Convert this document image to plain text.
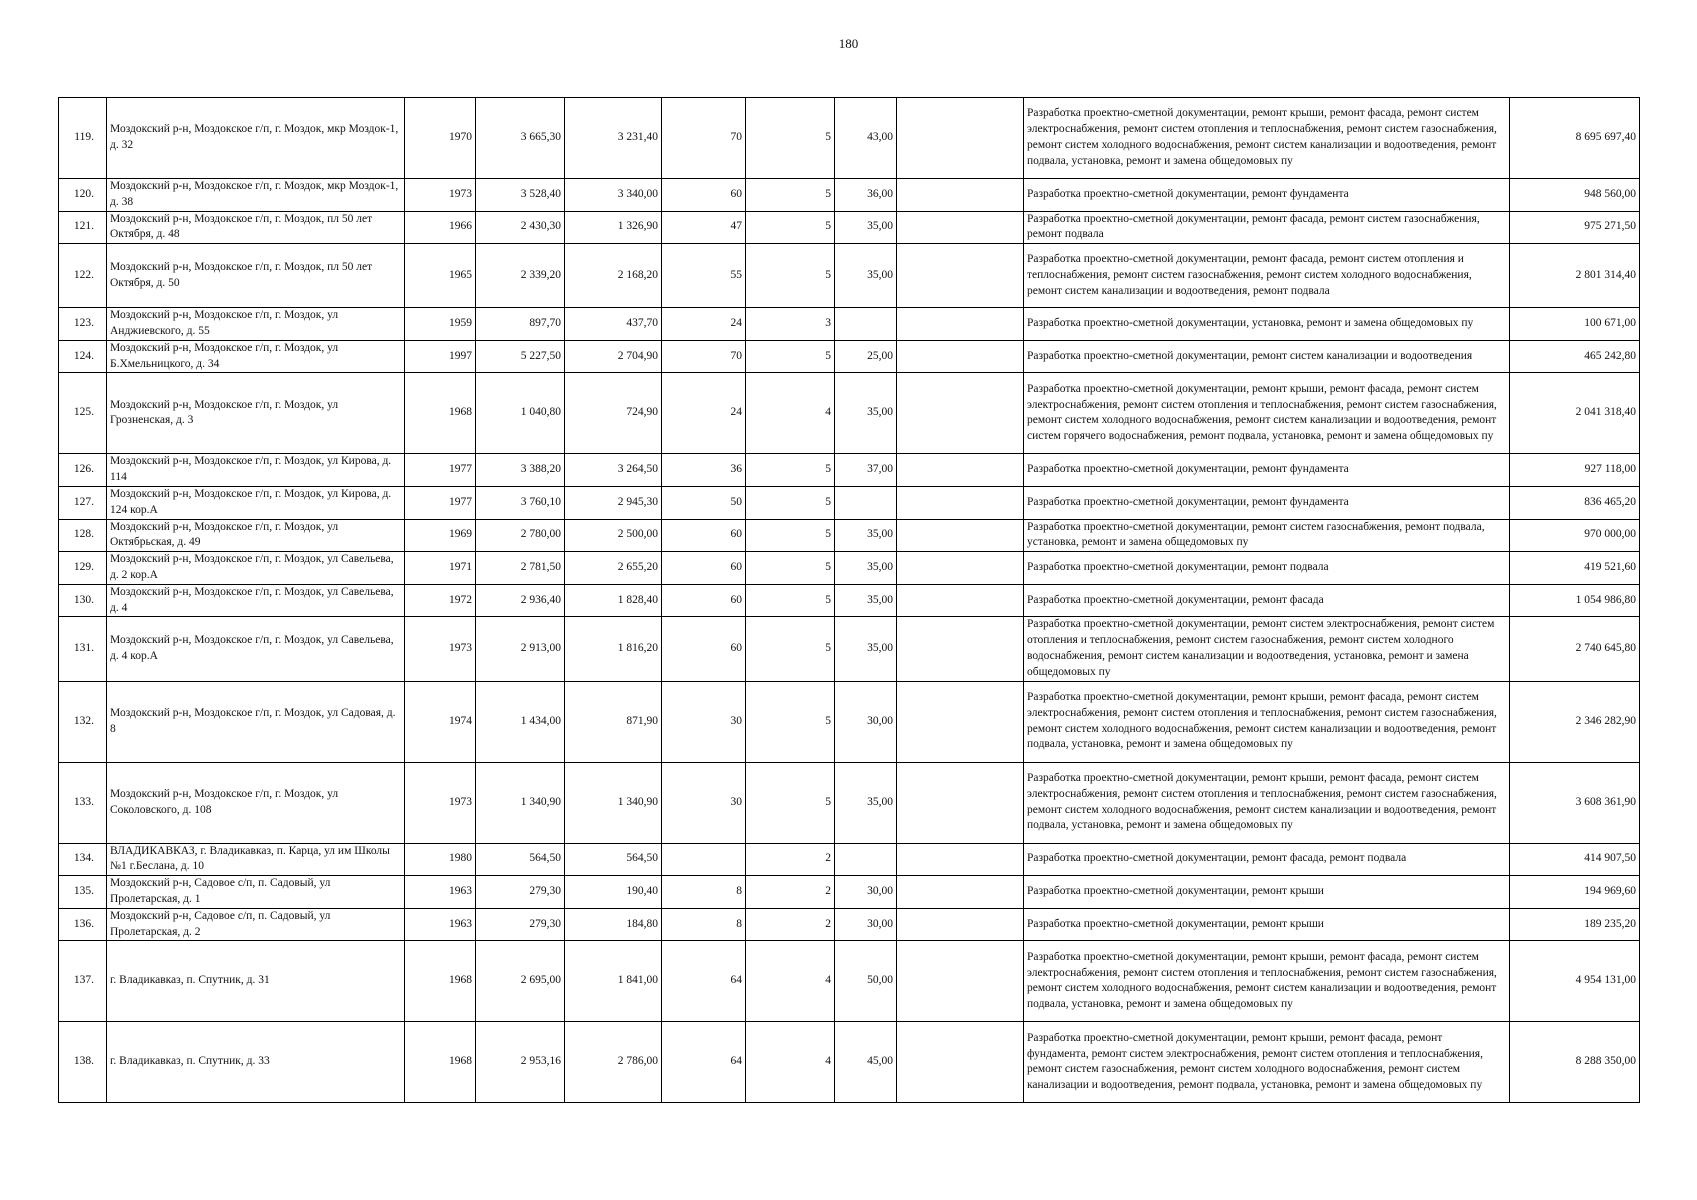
180
119.	Моздокский р-н, Моздокское г/п, г. Моздок, мкр Моздок-1, д. 32	1970	3 665,30	3 231,40	70	5	43,00		Разработка проектно-сметной документации, ремонт крыши, ремонт фасада, ремонт систем электроснабжения, ремонт систем отопления и теплоснабжения, ремонт систем газоснабжения, ремонт систем холодного водоснабжения, ремонт систем канализации и водоотведения, ремонт подвала, установка, ремонт и замена общедомовых пу	8 695 697,40
120.	Моздокский р-н, Моздокское г/п, г. Моздок, мкр Моздок-1, д. 38	1973	3 528,40	3 340,00	60	5	36,00		Разработка проектно-сметной документации, ремонт фундамента	948 560,00
121.	Моздокский р-н, Моздокское г/п, г. Моздок, пл 50 лет Октября, д. 48	1966	2 430,30	1 326,90	47	5	35,00		Разработка проектно-сметной документации, ремонт фасада, ремонт систем газоснабжения, ремонт подвала	975 271,50
122.	Моздокский р-н, Моздокское г/п, г. Моздок, пл 50 лет Октября, д. 50	1965	2 339,20	2 168,20	55	5	35,00		Разработка проектно-сметной документации, ремонт фасада, ремонт систем отопления и теплоснабжения, ремонт систем газоснабжения, ремонт систем холодного водоснабжения, ремонт систем канализации и водоотведения, ремонт подвала	2 801 314,40
123.	Моздокский р-н, Моздокское г/п, г. Моздок, ул Анджиевского, д. 55	1959	897,70	437,70	24	3			Разработка проектно-сметной документации, установка, ремонт и замена общедомовых пу	100 671,00
124.	Моздокский р-н, Моздокское г/п, г. Моздок, ул Б.Хмельницкого, д. 34	1997	5 227,50	2 704,90	70	5	25,00		Разработка проектно-сметной документации, ремонт систем канализации и водоотведения	465 242,80
125.	Моздокский р-н, Моздокское г/п, г. Моздок, ул Грозненская, д. 3	1968	1 040,80	724,90	24	4	35,00		Разработка проектно-сметной документации, ремонт крыши, ремонт фасада, ремонт систем электроснабжения, ремонт систем отопления и теплоснабжения, ремонт систем газоснабжения, ремонт систем холодного водоснабжения, ремонт систем канализации и водоотведения, ремонт систем горячего водоснабжения, ремонт подвала, установка, ремонт и замена общедомовых пу	2 041 318,40
126.	Моздокский р-н, Моздокское г/п, г. Моздок, ул Кирова, д. 114	1977	3 388,20	3 264,50	36	5	37,00		Разработка проектно-сметной документации, ремонт фундамента	927 118,00
127.	Моздокский р-н, Моздокское г/п, г. Моздок, ул Кирова, д. 124 кор.А	1977	3 760,10	2 945,30	50	5			Разработка проектно-сметной документации, ремонт фундамента	836 465,20
128.	Моздокский р-н, Моздокское г/п, г. Моздок, ул Октябрьская, д. 49	1969	2 780,00	2 500,00	60	5	35,00		Разработка проектно-сметной документации, ремонт систем газоснабжения, ремонт подвала, установка, ремонт и замена общедомовых пу	970 000,00
129.	Моздокский р-н, Моздокское г/п, г. Моздок, ул Савельева, д. 2 кор.А	1971	2 781,50	2 655,20	60	5	35,00		Разработка проектно-сметной документации, ремонт подвала	419 521,60
130.	Моздокский р-н, Моздокское г/п, г. Моздок, ул Савельева, д. 4	1972	2 936,40	1 828,40	60	5	35,00		Разработка проектно-сметной документации, ремонт фасада	1 054 986,80
131.	Моздокский р-н, Моздокское г/п, г. Моздок, ул Савельева, д. 4 кор.А	1973	2 913,00	1 816,20	60	5	35,00		Разработка проектно-сметной документации, ремонт систем электроснабжения, ремонт систем отопления и теплоснабжения, ремонт систем газоснабжения, ремонт систем холодного водоснабжения, ремонт систем канализации и водоотведения, установка, ремонт и замена общедомовых пу	2 740 645,80
132.	Моздокский р-н, Моздокское г/п, г. Моздок, ул Садовая, д. 8	1974	1 434,00	871,90	30	5	30,00		Разработка проектно-сметной документации, ремонт крыши, ремонт фасада, ремонт систем электроснабжения, ремонт систем отопления и теплоснабжения, ремонт систем газоснабжения, ремонт систем холодного водоснабжения, ремонт систем канализации и водоотведения, ремонт подвала, установка, ремонт и замена общедомовых пу	2 346 282,90
133.	Моздокский р-н, Моздокское г/п, г. Моздок, ул Соколовского, д. 108	1973	1 340,90	1 340,90	30	5	35,00		Разработка проектно-сметной документации, ремонт крыши, ремонт фасада, ремонт систем электроснабжения, ремонт систем отопления и теплоснабжения, ремонт систем газоснабжения, ремонт систем холодного водоснабжения, ремонт систем канализации и водоотведения, ремонт подвала, установка, ремонт и замена общедомовых пу	3 608 361,90
134.	ВЛАДИКАВКАЗ, г. Владикавказ, п. Карца, ул им Школы №1 г.Беслана, д. 10	1980	564,50	564,50		2			Разработка проектно-сметной документации, ремонт фасада, ремонт подвала	414 907,50
135.	Моздокский р-н, Садовое с/п, п. Садовый, ул Пролетарская, д. 1	1963	279,30	190,40	8	2	30,00		Разработка проектно-сметной документации, ремонт крыши	194 969,60
136.	Моздокский р-н, Садовое с/п, п. Садовый, ул Пролетарская, д. 2	1963	279,30	184,80	8	2	30,00		Разработка проектно-сметной документации, ремонт крыши	189 235,20
137.	г. Владикавказ, п. Спутник, д. 31	1968	2 695,00	1 841,00	64	4	50,00		Разработка проектно-сметной документации, ремонт крыши, ремонт фасада, ремонт систем электроснабжения, ремонт систем отопления и теплоснабжения, ремонт систем газоснабжения, ремонт систем холодного водоснабжения, ремонт систем канализации и водоотведения, ремонт подвала, установка, ремонт и замена общедомовых пу	4 954 131,00
138.	г. Владикавказ, п. Спутник, д. 33	1968	2 953,16	2 786,00	64	4	45,00		Разработка проектно-сметной документации, ремонт крыши, ремонт фасада, ремонт фундамента, ремонт систем электроснабжения, ремонт систем отопления и теплоснабжения, ремонт систем газоснабжения, ремонт систем холодного водоснабжения, ремонт систем канализации и водоотведения, ремонт подвала, установка, ремонт и замена общедомовых пу	8 288 350,00
